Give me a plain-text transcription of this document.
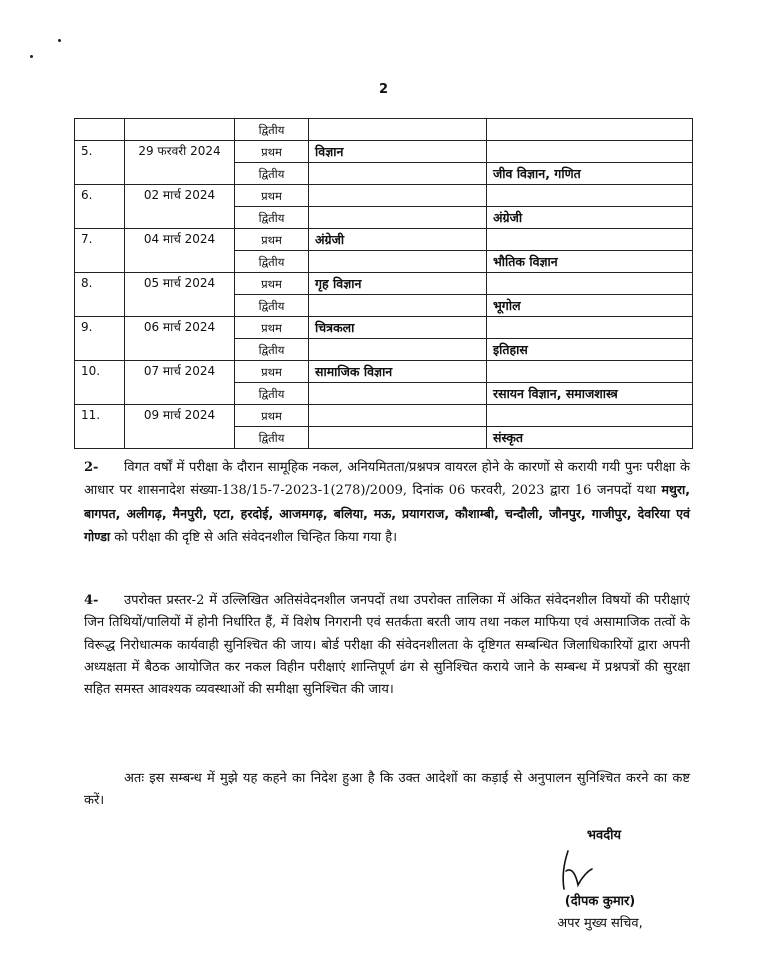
2
		द्वितीय		
5.	29 फरवरी 2024	प्रथम	विज्ञान	
		द्वितीय		जीव विज्ञान, गणित
6.	02 मार्च 2024	प्रथम		
		द्वितीय		अंग्रेजी
7.	04 मार्च 2024	प्रथम	अंग्रेजी	
		द्वितीय		भौतिक विज्ञान
8.	05 मार्च 2024	प्रथम	गृह विज्ञान	
		द्वितीय		भूगोल
9.	06 मार्च 2024	प्रथम	चित्रकला	
		द्वितीय		इतिहास
10.	07 मार्च 2024	प्रथम	सामाजिक विज्ञान	
		द्वितीय		रसायन विज्ञान, समाजशास्त्र
11.	09 मार्च 2024	प्रथम		
		द्वितीय		संस्कृत
2- विगत वर्षों में परीक्षा के दौरान सामूहिक नकल, अनियमितता/प्रश्नपत्र वायरल होने के कारणों से करायी गयी पुनः परीक्षा के आधार पर शासनादेश संख्या-138/15-7-2023-1(278)/2009, दिनांक 06 फरवरी, 2023 द्वारा 16 जनपदों यथा मथुरा, बागपत, अलीगढ़, मैनपुरी, एटा, हरदोई, आजमगढ़, बलिया, मऊ, प्रयागराज, कौशाम्बी, चन्दौली, जौनपुर, गाजीपुर, देवरिया एवं गोण्डा को परीक्षा की दृष्टि से अति संवेदनशील चिन्हित किया गया है।
4- उपरोक्त प्रस्तर-2 में उल्लिखित अतिसंवेदनशील जनपदों तथा उपरोक्त तालिका में अंकित संवेदनशील विषयों की परीक्षाएं जिन तिथियों/पालियों में होनी निर्धारित हैं, में विशेष निगरानी एवं सतर्कता बरती जाय तथा नकल माफिया एवं असामाजिक तत्वों के विरूद्ध निरोधात्मक कार्यवाही सुनिश्चित की जाय। बोर्ड परीक्षा की संवेदनशीलता के दृष्टिगत सम्बन्धित जिलाधिकारियों द्वारा अपनी अध्यक्षता में बैठक आयोजित कर नकल विहीन परीक्षाएं शान्तिपूर्ण ढंग से सुनिश्चित कराये जाने के सम्बन्ध में प्रश्नपत्रों की सुरक्षा सहित समस्त आवश्यक व्यवस्थाओं की समीक्षा सुनिश्चित की जाय।
अतः इस सम्बन्ध में मुझे यह कहने का निदेश हुआ है कि उक्त आदेशों का कड़ाई से अनुपालन सुनिश्चित करने का कष्ट करें।
भवदीय
(दीपक कुमार)
अपर मुख्य सचिव,
